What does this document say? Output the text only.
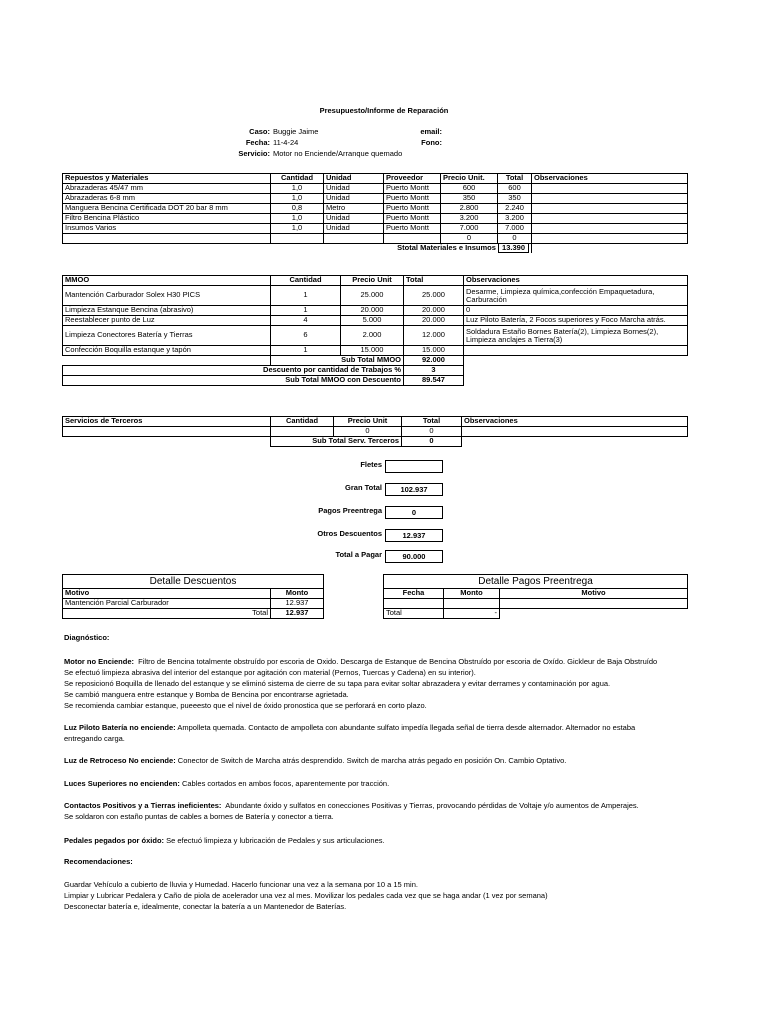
Presupuesto/Informe de Reparación
Caso: Buggie Jaime
Fecha: 11-4-24
Servicio: Motor no Enciende/Arranque quemado
email:
Fono:
Repuestos y Materiales	Cantidad	Unidad	Proveedor	Precio Unit.	Total	Observaciones
Abrazaderas 45/47 mm	1,0	Unidad	Puerto Montt	600	600	
Abrazaderas 6-8 mm	1,0	Unidad	Puerto Montt	350	350	
Manguera Bencina Certificada DOT 20 bar 8 mm	0,8	Metro	Puerto Montt	2.800	2.240	
Filtro Bencina Plástico	1,0	Unidad	Puerto Montt	3.200	3.200	
Insumos Varios	1,0	Unidad	Puerto Montt	7.000	7.000	
				0	0	
			Stotal Materiales e Insumos 13.390			
MMOO	Cantidad	Precio Unit	Total	Observaciones
Mantención Carburador Solex H30 PICS	1	25.000	25.000	Desarme, Limpieza química,confección Empaquetadura, Carburación
Limpieza Estanque Bencina (abrasivo)	1	20.000	20.000	0
Reestablecer punto de Luz	4	5.000	20.000	Luz Piloto Batería, 2 Focos superiores y Foco Marcha atrás.
Limpieza Conectores Batería y Tierras	6	2.000	12.000	Soldadura Estaño Bornes Batería(2), Limpieza Bornes(2), Limpieza anclajes a Tierra(3)
Confección Boquilla estanque y tapón	1	15.000	15.000	
	Sub Total MMOO		92.000	
Descuento por cantidad de Trabajos %			3	
Sub Total MMOO con Descuento			89.547	
Servicios de Terceros	Cantidad	Precio Unit	Total	Observaciones
		0	0	
	Sub Total Serv. Terceros		0	
Fletes
Gran Total	102.937
Pagos Preentrega	0
Otros Descuentos	12.937
Total a Pagar	90.000
Detalle Descuentos	
Motivo	Monto
Mantención Parcial Carburador	12.937
Total	12.937
Detalle Pagos Preentrega		
Fecha	Monto	Motivo

Total	-	
Diagnóstico:
Motor no Enciende: Filtro de Bencina totalmente obstruído por escoria de Oxido. Descarga de Estanque de Bencina Obstruído por escoria de Oxído. Gickleur de Baja Obstruído
Se efectuó limpieza abrasiva del interior del estanque por agitación con material (Pernos, Tuercas y Cadena) en su interior).
Se reposicionó Boquilla de llenado del estanque y se eliminó sistema de cierre de su tapa para evitar soltar abrazadera y evitar derrames y contaminación por agua.
Se cambió manguera entre estanque y Bomba de Bencina por encontrarse agrietada.
Se recomienda cambiar estanque, pueeesto que el nivel de óxido pronostica que se perforará en corto plazo.
Luz Piloto Batería no enciende: Ampolleta quemada. Contacto de ampolleta con abundante sulfato impedía llegada señal de tierra desde alternador. Alternador no estaba
entregando carga.
Luz de Retroceso No enciende: Conector de Switch de Marcha atrás desprendido. Switch de marcha atrás pegado en posición On. Cambio Optativo.
Luces Superiores no encienden: Cables cortados en ambos focos, aparentemente por tracción.
Contactos Positivos y a Tierras ineficientes: Abundante óxido y sulfatos en conecciones Positivas y Tierras, provocando pérdidas de Voltaje y/o aumentos de Amperajes.
Se soldaron con estaño puntas de cables a bornes de Batería y conector a tierra.
Pedales pegados por óxido: Se efectuó limpieza y lubricación de Pedales y sus articulaciones.
Recomendaciones:
Guardar Vehículo a cubierto de lluvia y Humedad. Hacerlo funcionar una vez a la semana por 10 a 15 min.
Limpiar y Lubricar Pedalera y Caño de piola de acelerador una vez al mes. Movilizar los pedales cada vez que se haga andar (1 vez por semana)
Desconectar batería e, idealmente, conectar la batería a un Mantenedor de Baterías.
